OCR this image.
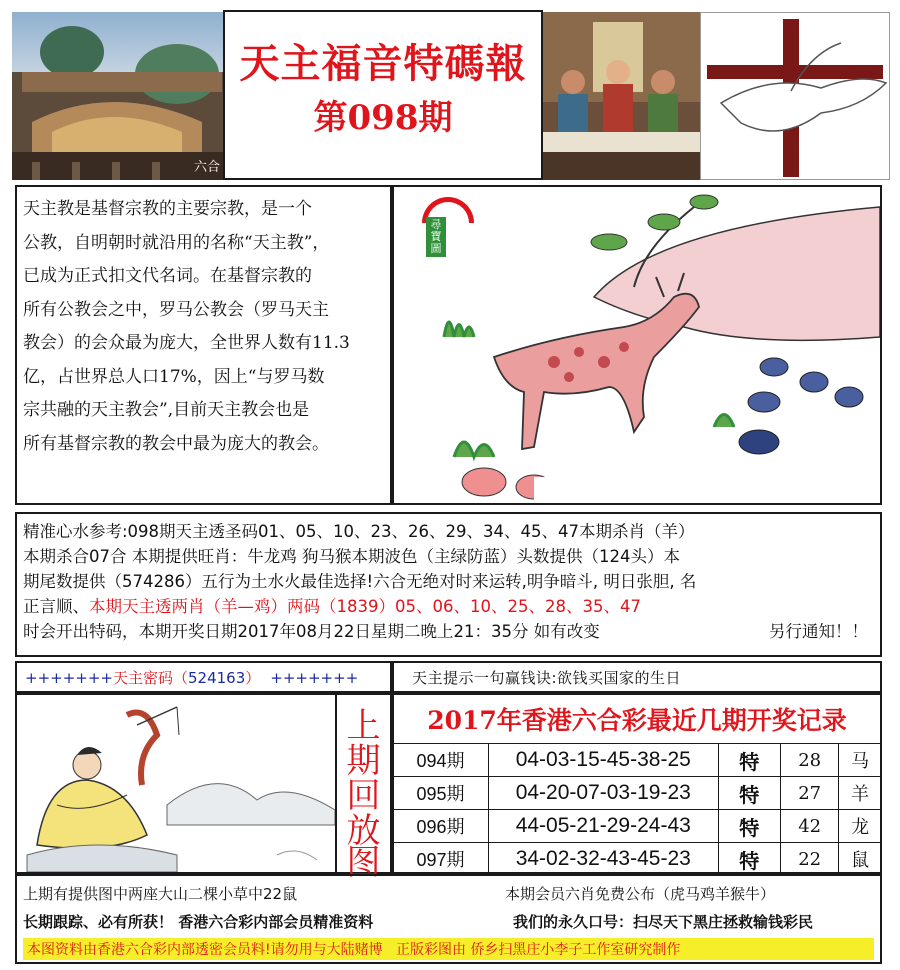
六合
天主福音特碼報
第098期
天主教是基督宗教的主要宗教，是一个
公教，自明朝时就沿用的名称“天主教”，
已成为正式扣文代名词。在基督宗教的
所有公教会之中，罗马公教会（罗马天主
教会）的会众最为庞大，全世界人数有11.3
亿，占世界总人口17%，因上“与罗马数
宗共融的天主教会”,目前天主教会也是
所有基督宗教的教会中最为庞大的教会。
尋寶圖
精准心水参考:098期天主透圣码01、05、10、23、26、29、34、45、47本期杀肖（羊）
本期杀合07合 本期提供旺肖：牛龙鸡 狗马猴本期波色（主绿防蓝）头数提供（124头）本
期尾数提供（574286）五行为土水火最佳选择!六合无绝对时来运转,明争暗斗, 明日张胆, 名
正言顺、本期天主透两肖（羊—鸡）两码（1839）05、06、10、25、28、35、47
时会开出特码，本期开奖日期2017年08月22日星期二晚上21：35分 如有改变	另行通知！！
+++++++天主密码（524163） +++++++	天主提示一句赢钱诀:欲钱买国家的生日
上
期
回
放
图
2017年香港六合彩最近几期开奖记录
094期	04-03-15-45-38-25	特	28	马
095期	04-20-07-03-19-23	特	27	羊
096期	44-05-21-29-24-43	特	42	龙
097期	34-02-32-43-45-23	特	22	鼠
上期有提供图中两座大山二棵小草中22鼠	本期会员六肖免费公布（虎马鸡羊猴牛）
长期跟踪、必有所获！ 香港六合彩内部会员精准资料	我们的永久口号：扫尽天下黑庄拯救输钱彩民
本图资料由香港六合彩内部透密会员料!请勿用与大陆赌博   正版彩图由 侨乡扫黑庄小李子工作室研究制作
